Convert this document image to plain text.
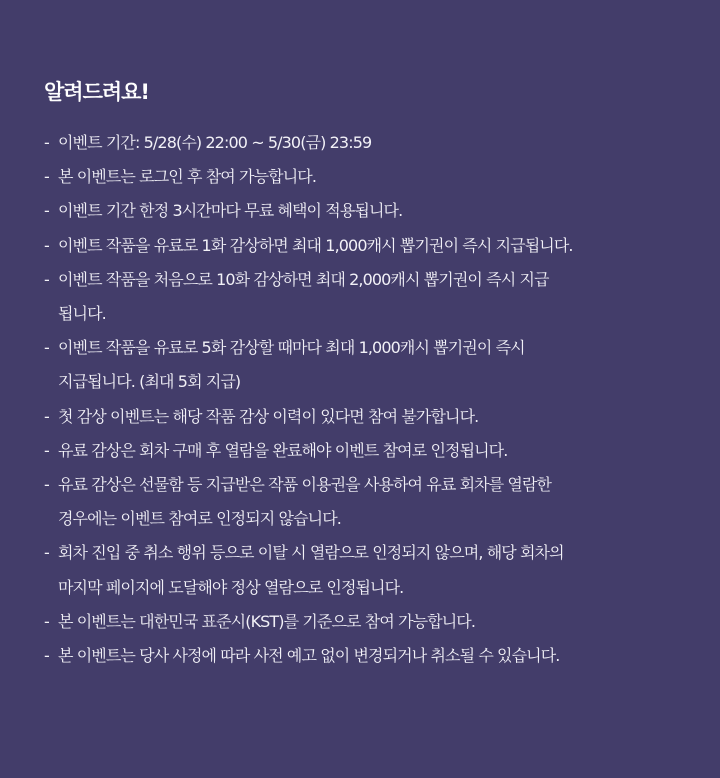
알려드려요!
- 이벤트 기간: 5/28(수) 22:00 ~ 5/30(금) 23:59
- 본 이벤트는 로그인 후 참여 가능합니다.
- 이벤트 기간 한정 3시간마다 무료 혜택이 적용됩니다.
- 이벤트 작품을 유료로 1화 감상하면 최대 1,000캐시 뽑기권이 즉시 지급됩니다.
- 이벤트 작품을 처음으로 10화 감상하면 최대 2,000캐시 뽑기권이 즉시 지급
됩니다.
- 이벤트 작품을 유료로 5화 감상할 때마다 최대 1,000캐시 뽑기권이 즉시
지급됩니다. (최대 5회 지급)
- 첫 감상 이벤트는 해당 작품 감상 이력이 있다면 참여 불가합니다.
- 유료 감상은 회차 구매 후 열람을 완료해야 이벤트 참여로 인정됩니다.
- 유료 감상은 선물함 등 지급받은 작품 이용권을 사용하여 유료 회차를 열람한
경우에는 이벤트 참여로 인정되지 않습니다.
- 회차 진입 중 취소 행위 등으로 이탈 시 열람으로 인정되지 않으며, 해당 회차의
마지막 페이지에 도달해야 정상 열람으로 인정됩니다.
- 본 이벤트는 대한민국 표준시(KST)를 기준으로 참여 가능합니다.
- 본 이벤트는 당사 사정에 따라 사전 예고 없이 변경되거나 취소될 수 있습니다.
